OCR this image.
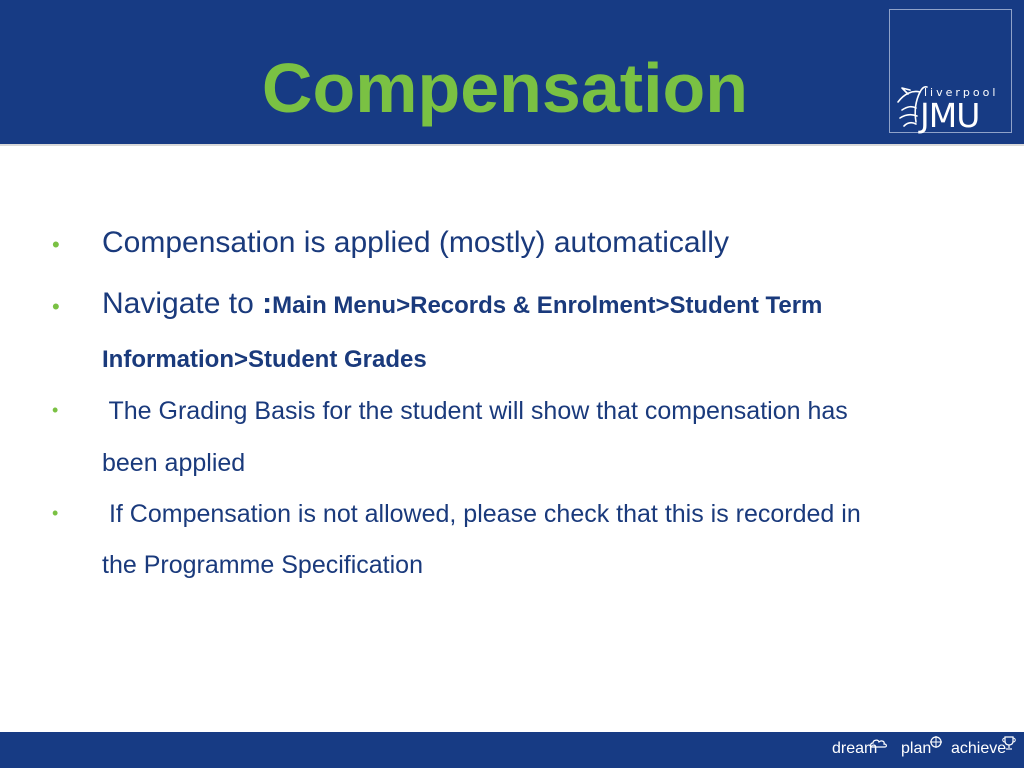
Compensation	liverpool
JMU
• Compensation is applied (mostly) automatically
• Navigate to :Main Menu>Records & Enrolment>Student Term
Information>Student Grades
• The Grading Basis for the student will show that compensation has
been applied
• If Compensation is not allowed, please check that this is recorded in
the Programme Specification
dream plan achieve
